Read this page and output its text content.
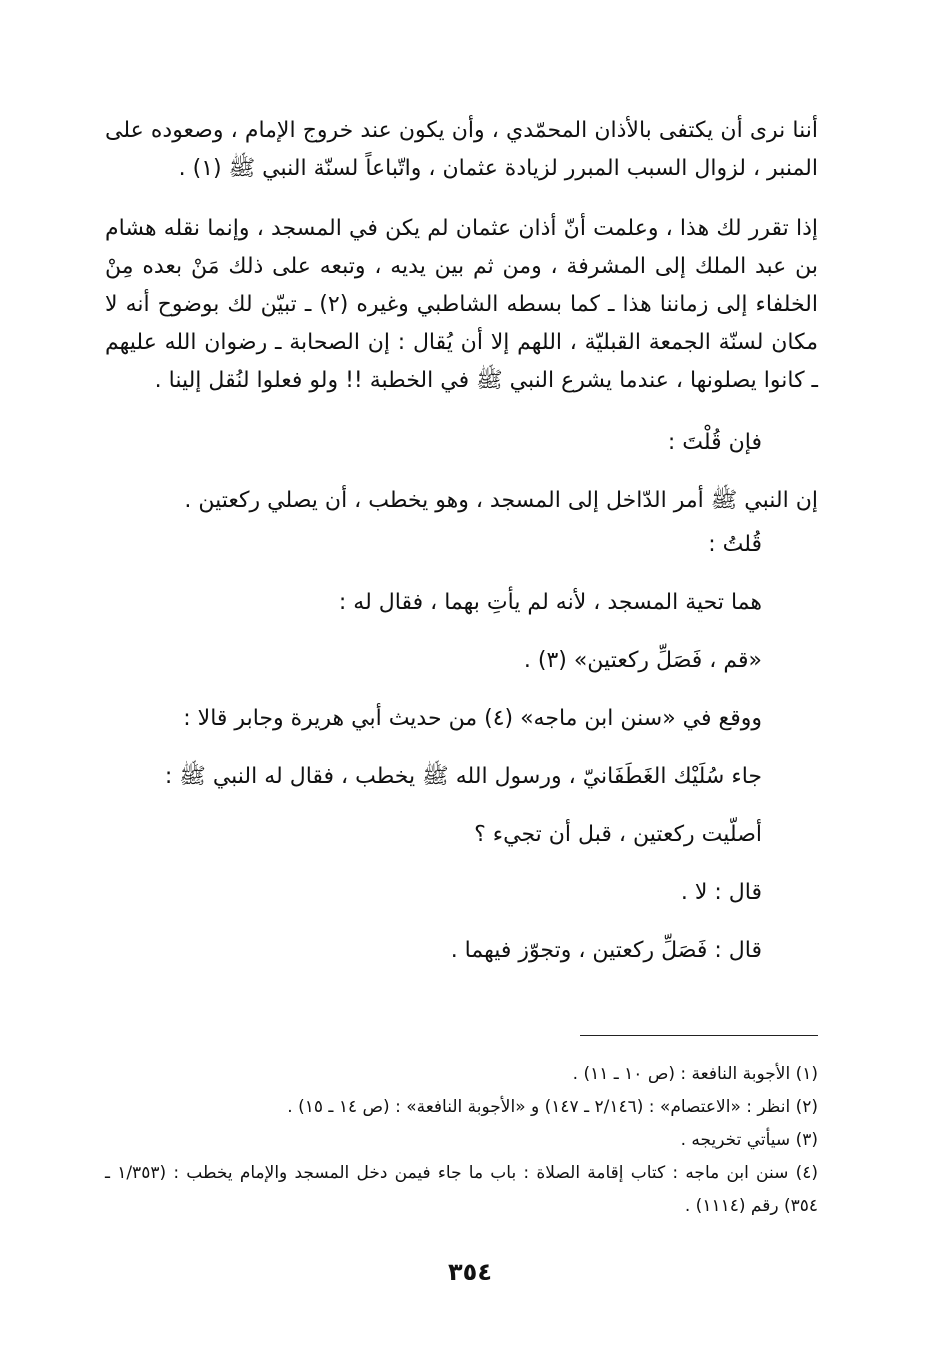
أننا نرى أن يكتفى بالأذان المحمّدي ، وأن يكون عند خروج الإمام ، وصعوده على المنبر ، لزوال السبب المبرر لزيادة عثمان ، واتّباعاً لسنّة النبي ﷺ (١) .

إذا تقرر لك هذا ، وعلمت أنّ أذان عثمان لم يكن في المسجد ، وإنما نقله هشام بن عبد الملك إلى المشرفة ، ومن ثم بين يديه ، وتبعه على ذلك مَنْ بعده مِنْ الخلفاء إلى زماننا هذا ـ كما بسطه الشاطبي وغيره (٢) ـ تبيّن لك بوضوح أنه لا مكان لسنّة الجمعة القبليّة ، اللهم إلا أن يُقال : إن الصحابة ـ رضوان الله عليهم ـ كانوا يصلونها ، عندما يشرع النبي ﷺ في الخطبة !! ولو فعلوا لنُقل إلينا .

فإن قُلْتَ :

إن النبي ﷺ أمر الدّاخل إلى المسجد ، وهو يخطب ، أن يصلي ركعتين .

قُلتُ :

هما تحية المسجد ، لأنه لم يأتِ بهما ، فقال له :

«قم ، فَصَلِّ ركعتين» (٣) .

ووقع في «سنن ابن ماجه» (٤) من حديث أبي هريرة وجابر قالا :

جاء سُلَيْك الغَطَفَانيّ ، ورسول الله ﷺ يخطب ، فقال له النبي ﷺ :

أصلّيت ركعتين ، قبل أن تجيء ؟

قال : لا .

قال : فَصَلِّ ركعتين ، وتجوّز فيهما .

(١) الأجوبة النافعة : (ص ١٠ ـ ١١) .

(٢) انظر : «الاعتصام» : (٢/١٤٦ ـ ١٤٧) و «الأجوبة النافعة» : (ص ١٤ ـ ١٥) .

(٣) سيأتي تخريجه .

(٤) سنن ابن ماجه : كتاب إقامة الصلاة : باب ما جاء فيمن دخل المسجد والإمام يخطب : (١/٣٥٣ ـ ٣٥٤) رقم (١١١٤) .

٣٥٤
